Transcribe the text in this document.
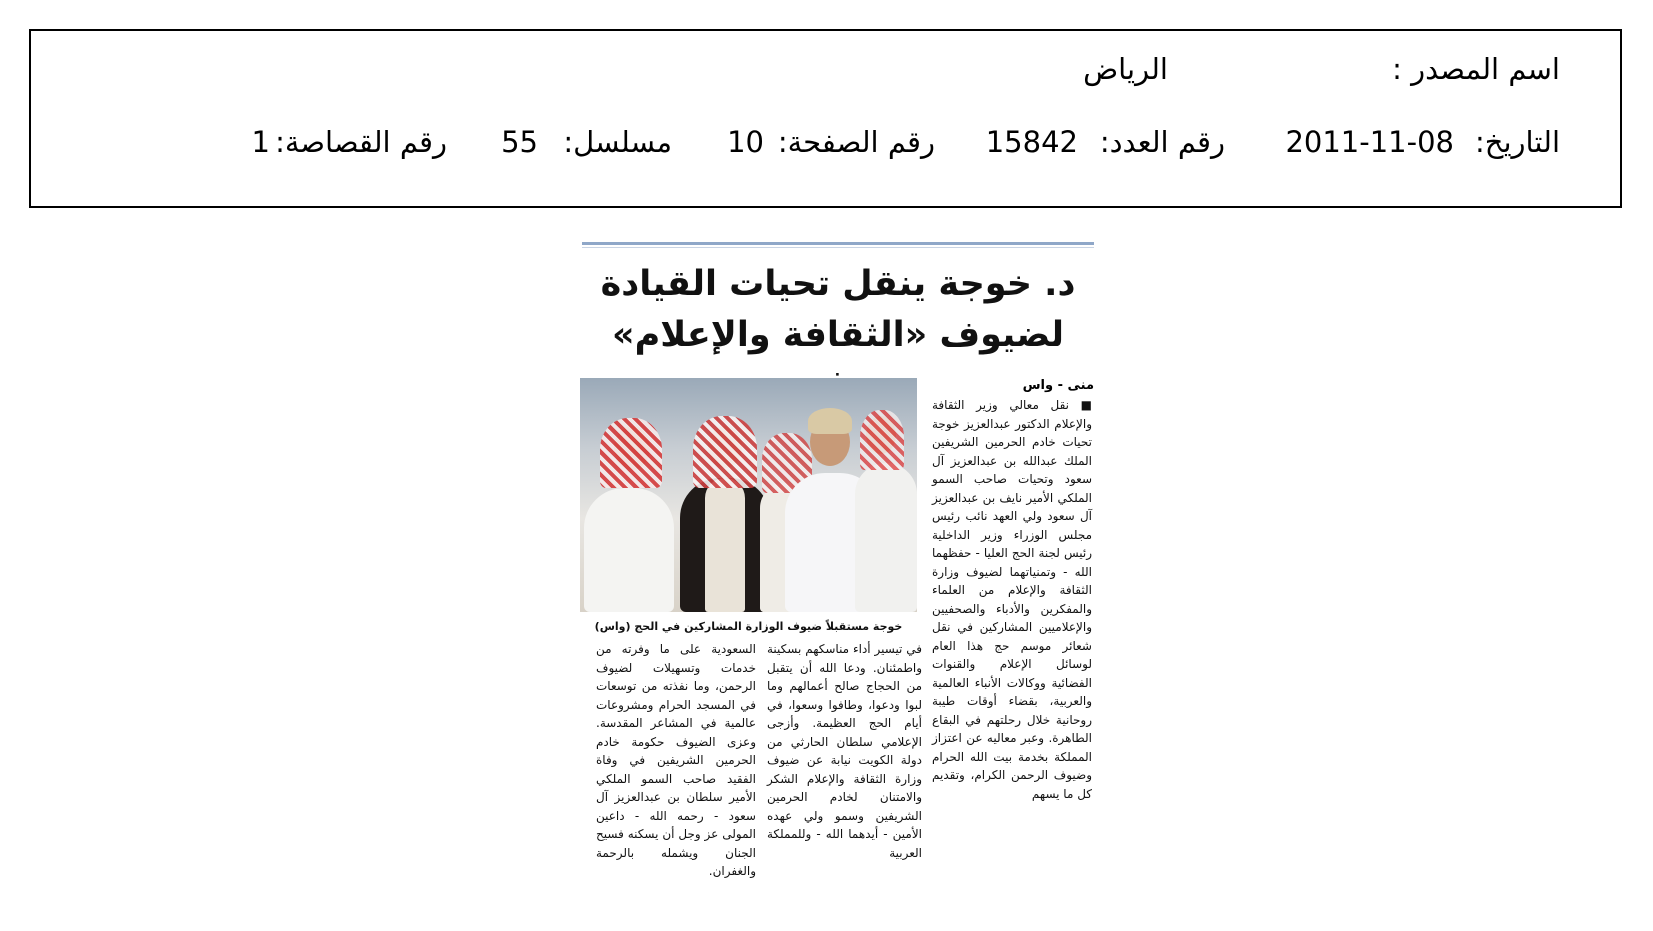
اسم المصدر :
الرياض
التاريخ:
2011-11-08
رقم العدد:
15842
رقم الصفحة:
10
مسلسل:
55
رقم القصاصة:
1
د. خوجة ينقل تحيات القيادة
لضيوف «الثقافة والإعلام»
منى - واس
خوجة مستقبلاً ضيوف الوزارة المشاركين في الحج (واس)
■ نقل معالي وزير الثقافة والإعلام الدكتور عبدالعزيز خوجة تحيات خادم الحرمين الشريفين الملك عبدالله بن عبدالعزيز آل سعود وتحيات صاحب السمو الملكي الأمير نايف بن عبدالعزيز آل سعود ولي العهد نائب رئيس مجلس الوزراء وزير الداخلية رئيس لجنة الحج العليا - حفظهما الله - وتمنياتهما لضيوف وزارة الثقافة والإعلام من العلماء والمفكرين والأدباء والصحفيين والإعلاميين المشاركين في نقل شعائر موسم حج هذا العام لوسائل الإعلام والقنوات الفضائية ووكالات الأنباء العالمية والعربية، بقضاء أوقات طيبة روحانية خلال رحلتهم في البقاع الطاهرة. وعبر معاليه عن اعتزاز المملكة بخدمة بيت الله الحرام وضيوف الرحمن الكرام، وتقديم كل ما يسهم
في تيسير أداء مناسكهم بسكينة واطمئنان. ودعا الله أن يتقبل من الحجاج صالح أعمالهم وما لبوا ودعوا، وطافوا وسعوا، في أيام الحج العظيمة. وأزجى الإعلامي سلطان الحارثي من دولة الكويت نيابة عن ضيوف وزارة الثقافة والإعلام الشكر والامتنان لخادم الحرمين الشريفين وسمو ولي عهده الأمين - أيدهما الله - وللمملكة العربية
السعودية على ما وفرته من خدمات وتسهيلات لضيوف الرحمن، وما نفذته من توسعات في المسجد الحرام ومشروعات عالمية في المشاعر المقدسة. وعزى الضيوف حكومة خادم الحرمين الشريفين في وفاة الفقيد صاحب السمو الملكي الأمير سلطان بن عبدالعزيز آل سعود - رحمه الله - داعين المولى عز وجل أن يسكنه فسيح الجنان ويشمله بالرحمة والغفران.
